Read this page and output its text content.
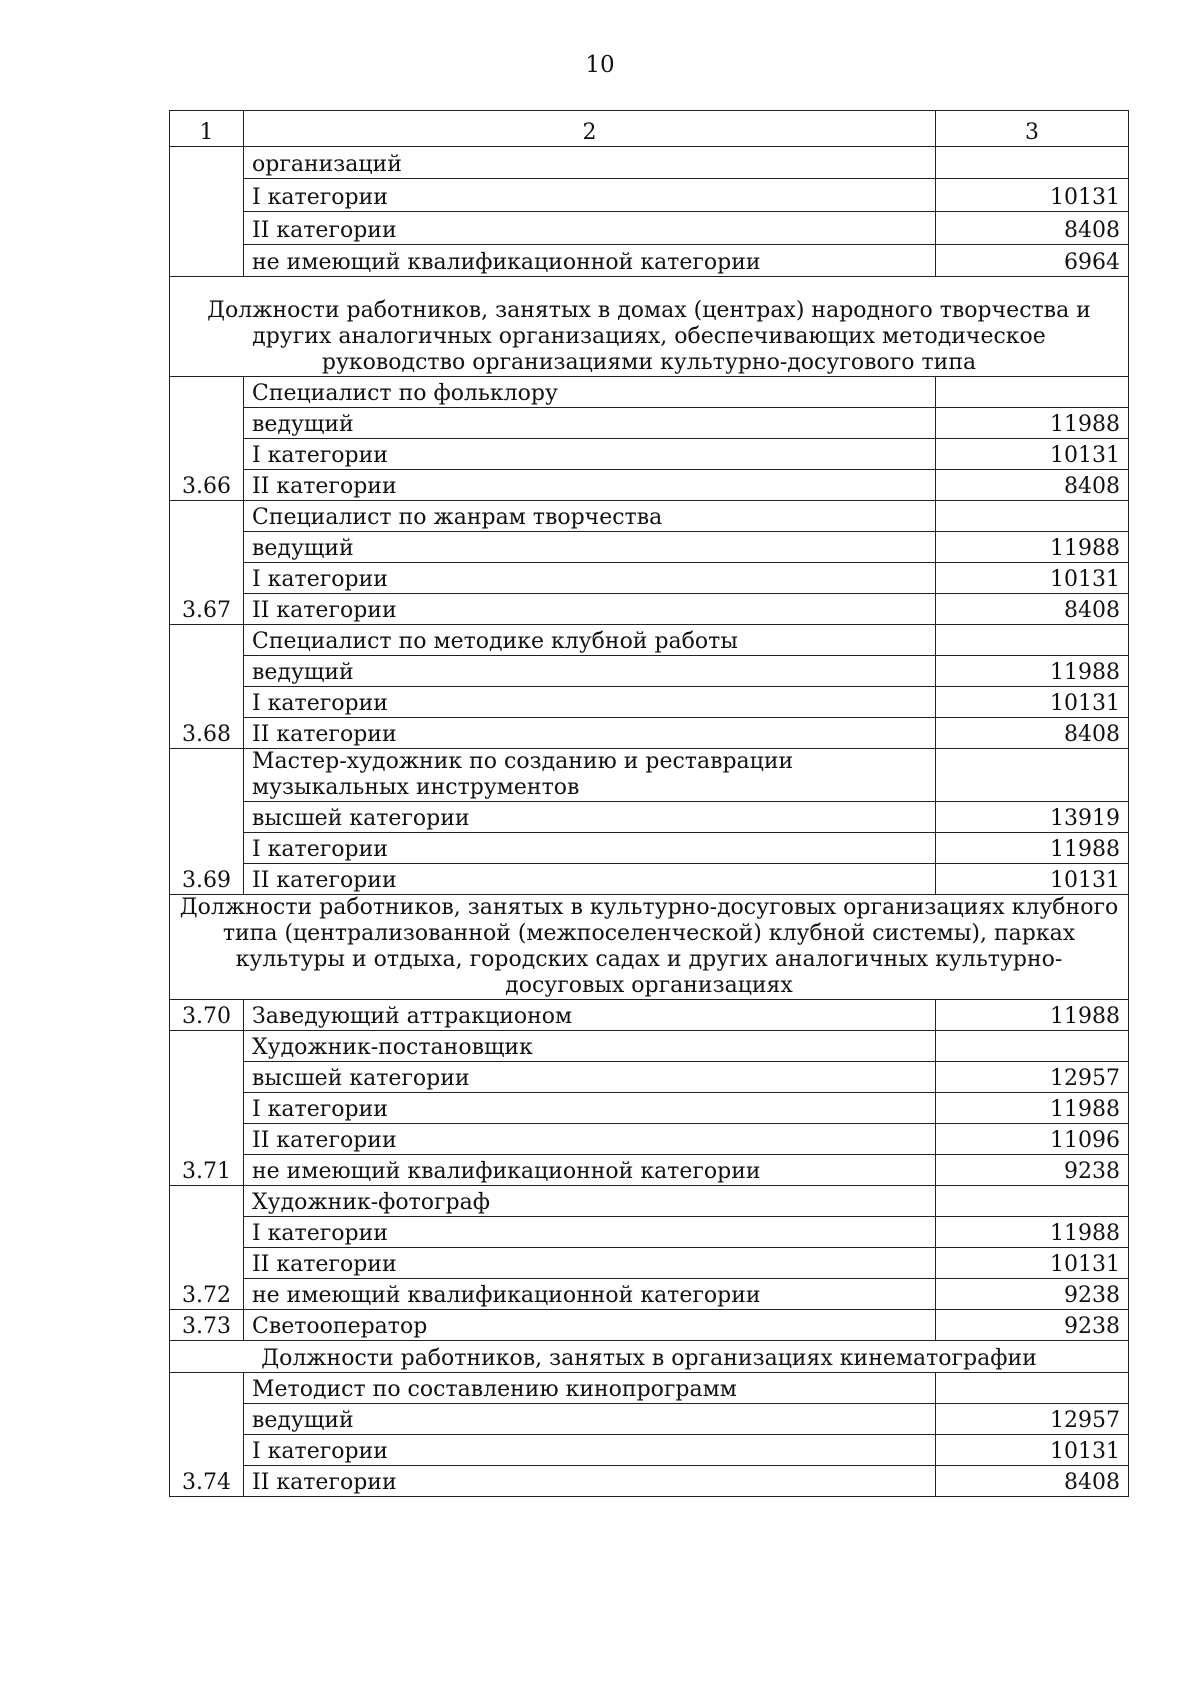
10
1	2	3
	организаций	
	I категории	10131
	II категории	8408
	не имеющий квалификационной категории	6964
Должности работников, занятых в домах (центрах) народного творчества и других аналогичных организациях, обеспечивающих методическое руководство организациями культурно-досугового типа		
3.66	Специалист по фольклору	
	ведущий	11988
	I категории	10131
	II категории	8408
3.67	Специалист по жанрам творчества	
	ведущий	11988
	I категории	10131
	II категории	8408
3.68	Специалист по методике клубной работы	
	ведущий	11988
	I категории	10131
	II категории	8408
3.69	Мастер-художник по созданию и реставрации музыкальных инструментов	
	высшей категории	13919
	I категории	11988
	II категории	10131
Должности работников, занятых в культурно-досуговых организациях клубного типа (централизованной (межпоселенческой) клубной системы), парках культуры и отдыха, городских садах и других аналогичных культурно-досуговых организациях		
3.70	Заведующий аттракционом	11988
3.71	Художник-постановщик	
	высшей категории	12957
	I категории	11988
	II категории	11096
	не имеющий квалификационной категории	9238
3.72	Художник-фотограф	
	I категории	11988
	II категории	10131
	не имеющий квалификационной категории	9238
3.73	Светооператор	9238
Должности работников, занятых в организациях кинематографии		
3.74	Методист по составлению кинопрограмм	
	ведущий	12957
	I категории	10131
	II категории	8408
